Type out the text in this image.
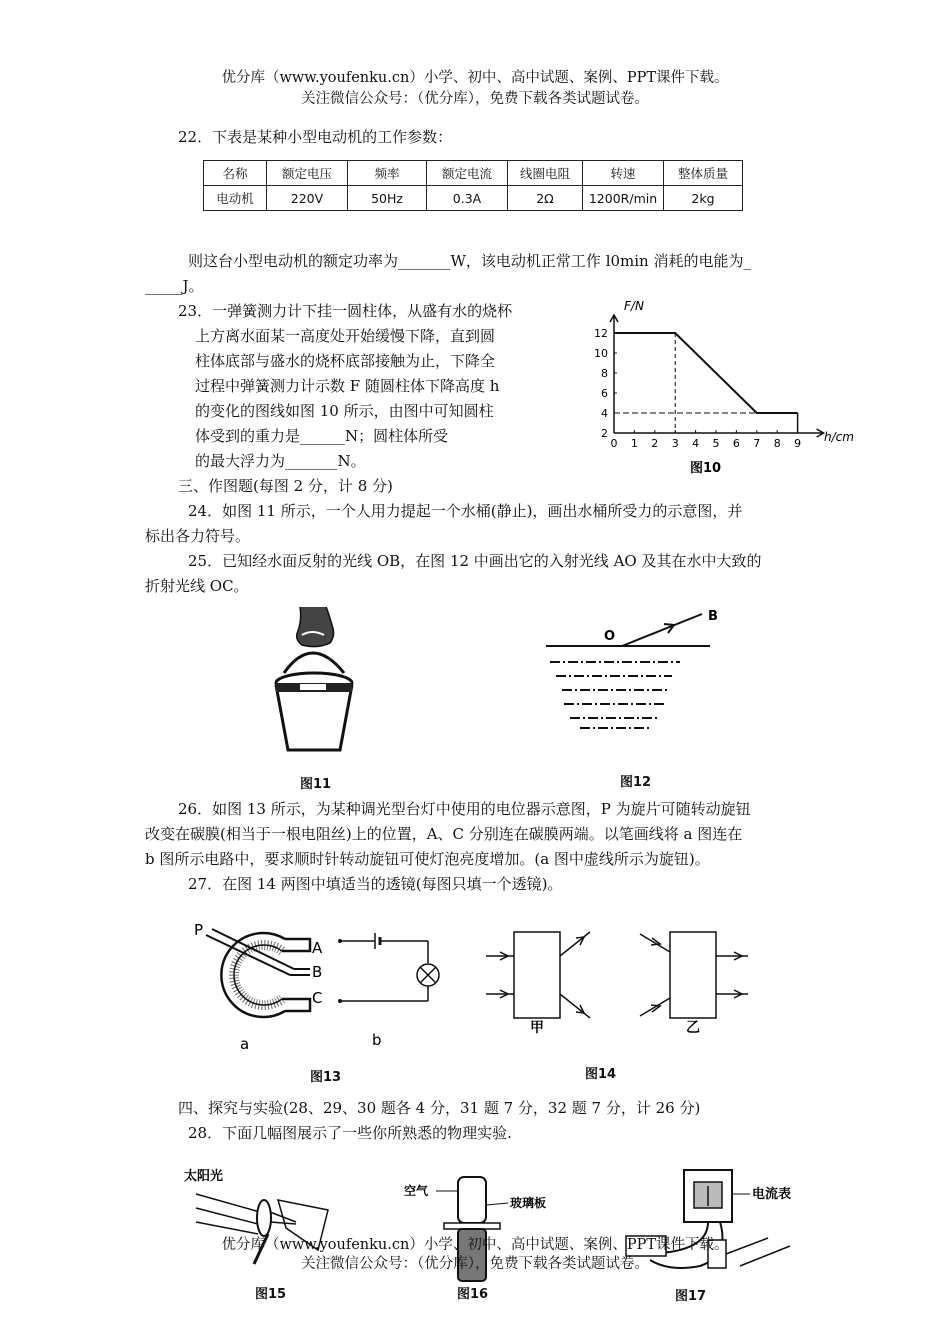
优分库（www.youfenku.cn）小学、初中、高中试题、案例、PPT课件下载。
关注微信公众号：（优分库），免费下载各类试题试卷。
22．下表是某种小型电动机的工作参数：
名称	额定电压	频率	额定电流	线圈电阻	转速	整体质量
电动机	220V	50Hz	0.3A	2Ω	1200R/min	2kg
则这台小型电动机的额定功率为_______W，该电动机正常工作 l0min 消耗的电能为_
_____J。
23．一弹簧测力计下挂一圆柱体，从盛有水的烧杯
上方离水面某一高度处开始缓慢下降，直到圆
柱体底部与盛水的烧杯底部接触为止，下降全
过程中弹簧测力计示数 F 随圆柱体下降高度 h
的变化的图线如图 10 所示，由图中可知圆柱
体受到的重力是______N；圆柱体所受
的最大浮力为_______N。
0 1 2 3 4 5 6 7 8 9
2
4
6
8
10
12
F/N
h/cm
图10
三、作图题(每图 2 分，计 8 分)
24．如图 11 所示，一个人用力提起一个水桶(静止)，画出水桶所受力的示意图，并
标出各力符号。
25．已知经水面反射的光线 OB，在图 12 中画出它的入射光线 AO 及其在水中大致的
折射光线 OC。
图11
O
B
图12
26．如图 13 所示，为某种调光型台灯中使用的电位器示意图，P 为旋片可随转动旋钮
改变在碳膜(相当于一根电阻丝)上的位置，A、C 分别连在碳膜两端。以笔画线将 a 图连在
b 图所示电路中，要求顺时针转动旋钮可使灯泡亮度增加。(a 图中虚线所示为旋钮)。
27．在图 14 两图中填适当的透镜(每图只填一个透镜)。
P
A
B
C
a	b
图13
甲	乙
图14
四、探究与实验(28、29、30 题各 4 分，31 题 7 分，32 题 7 分，计 26 分)
28．下面几幅图展示了一些你所熟悉的物理实验.
太阳光
图15
空气
玻璃板
图16
电流表
图17
优分库（www.youfenku.cn）小学、初中、高中试题、案例、PPT课件下载。
关注微信公众号：（优分库），免费下载各类试题试卷。
